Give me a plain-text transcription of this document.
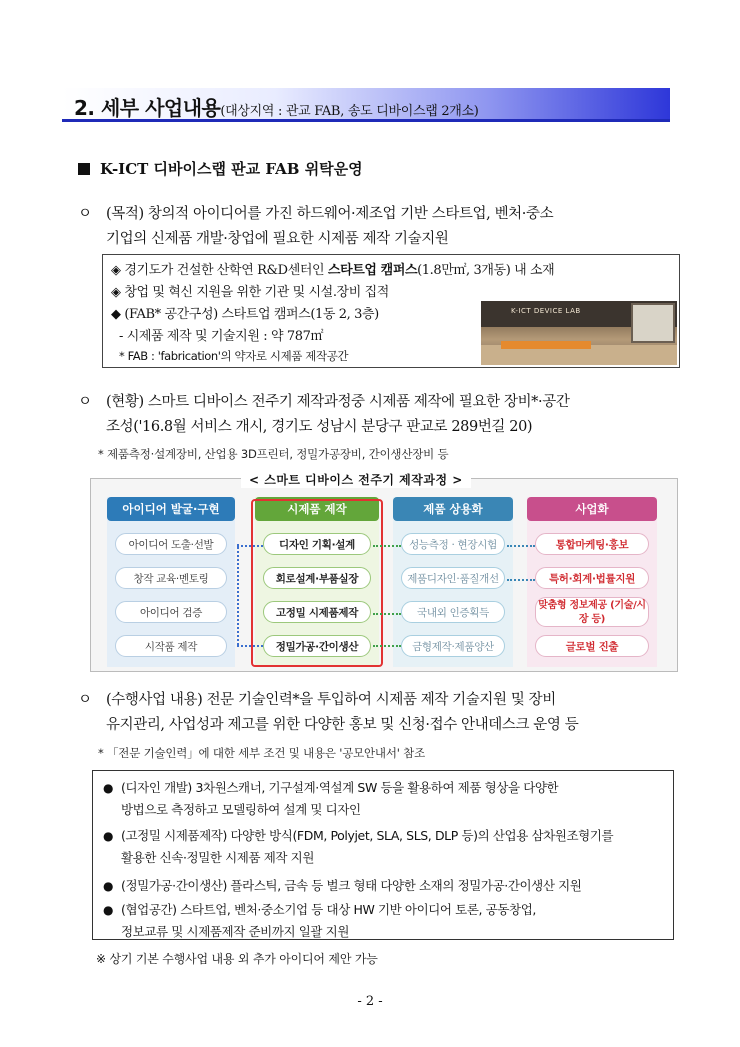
2. 세부 사업내용(대상지역 : 관교 FAB, 송도 디바이스랩 2개소)
K-ICT 디바이스랩 판교 FAB 위탁운영
ㅇ (목적) 창의적 아이디어를 가진 하드웨어·제조업 기반 스타트업, 벤처·중소
기업의 신제품 개발·창업에 필요한 시제품 제작 기술지원
◈ 경기도가 건설한 산학연 R&D센터인 스타트업 캠퍼스(1.8만㎡, 3개동) 내 소재
◈ 창업 및 혁신 지원을 위한 기관 및 시설.장비 집적
◆ (FAB* 공간구성) 스타트업 캠퍼스(1동 2, 3층)
- 시제품 제작 및 기술지원 : 약 787㎡
* FAB : 'fabrication'의 약자로 시제품 제작공간
K-ICT DEVICE LAB
ㅇ (현황) 스마트 디바이스 전주기 제작과정중 시제품 제작에 필요한 장비*·공간
조성('16.8월 서비스 개시, 경기도 성남시 분당구 판교로 289번길 20)
* 제품측정·설계장비, 산업용 3D프린터, 정밀가공장비, 간이생산장비 등
< 스마트 디바이스 전주기 제작과정 >
아이디어 발굴·구현
아이디어 도출·선발
창작 교육·멘토링
아이디어 검증
시작품 제작
시제품 제작
디자인 기획·설계
회로설계·부품실장
고정밀 시제품제작
정밀가공·간이생산
제품 상용화
성능측정 · 현장시험
제품디자인·품질개선
국내외 인증획득
금형제작·제품양산
사업화
통합마케팅·홍보
특허·회계·법률지원
맞춤형 정보제공 (기술/시장 등)
글로벌 진출
ㅇ (수행사업 내용) 전문 기술인력*을 투입하여 시제품 제작 기술지원 및 장비
유지관리, 사업성과 제고를 위한 다양한 홍보 및 신청·접수 안내데스크 운영 등
* 「전문 기술인력」에 대한 세부 조건 및 내용은 '공모안내서' 참조
● (디자인 개발) 3차원스캐너, 기구설계·역설계 SW 등을 활용하여 제품 형상을 다양한
방법으로 측정하고 모델링하여 설계 및 디자인
● (고정밀 시제품제작) 다양한 방식(FDM, Polyjet, SLA, SLS, DLP 등)의 산업용 삼차원조형기를
활용한 신속·정밀한 시제품 제작 지원
● (정밀가공·간이생산) 플라스틱, 금속 등 벌크 형태 다양한 소재의 정밀가공·간이생산 지원
● (협업공간) 스타트업, 벤처·중소기업 등 대상 HW 기반 아이디어 토론, 공동창업,
정보교류 및 시제품제작 준비까지 일괄 지원
※ 상기 기본 수행사업 내용 외 추가 아이디어 제안 가능
- 2 -
